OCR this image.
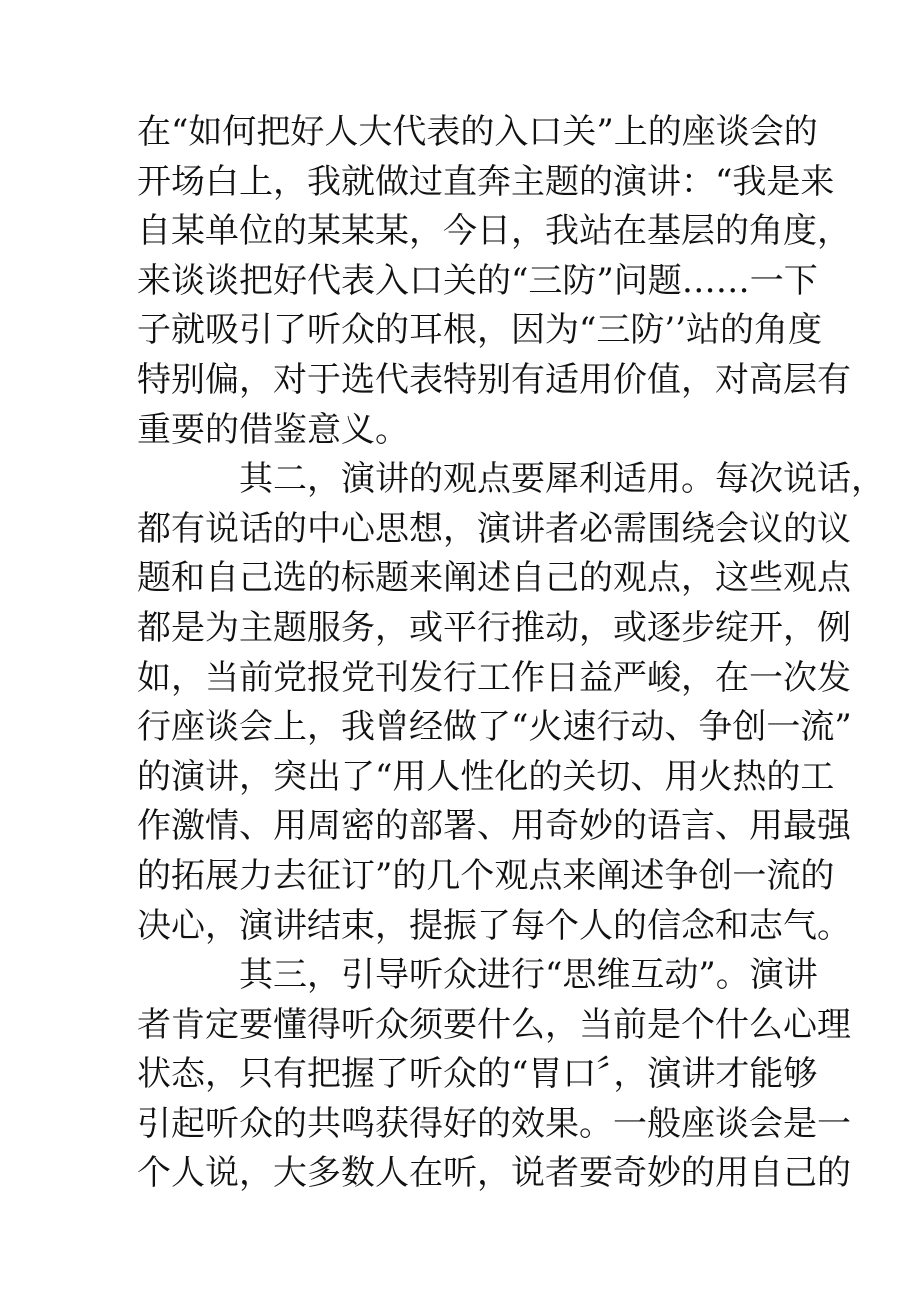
在“如何把好人大代表的入口关”上的座谈会的
开场白上，我就做过直奔主题的演讲：“我是来
自某单位的某某某，今日，我站在基层的角度，
来谈谈把好代表入口关的“三防”问题……一下
子就吸引了听众的耳根，因为“三防’’站的角度
特别偏，对于选代表特别有适用价值，对高层有
重要的借鉴意义。
其二，演讲的观点要犀利适用。每次说话，
都有说话的中心思想，演讲者必需围绕会议的议
题和自己选的标题来阐述自己的观点，这些观点
都是为主题服务，或平行推动，或逐步绽开，例
如，当前党报党刊发行工作日益严峻，在一次发
行座谈会上，我曾经做了“火速行动、争创一流”
的演讲，突出了“用人性化的关切、用火热的工
作激情、用周密的部署、用奇妙的语言、用最强
的拓展力去征订”的几个观点来阐述争创一流的
决心，演讲结束，提振了每个人的信念和志气。
其三，引导听众进行“思维互动”。演讲
者肯定要懂得听众须要什么，当前是个什么心理
状态，只有把握了听众的“胃口〞，演讲才能够
引起听众的共鸣获得好的效果。一般座谈会是一
个人说，大多数人在听，说者要奇妙的用自己的
